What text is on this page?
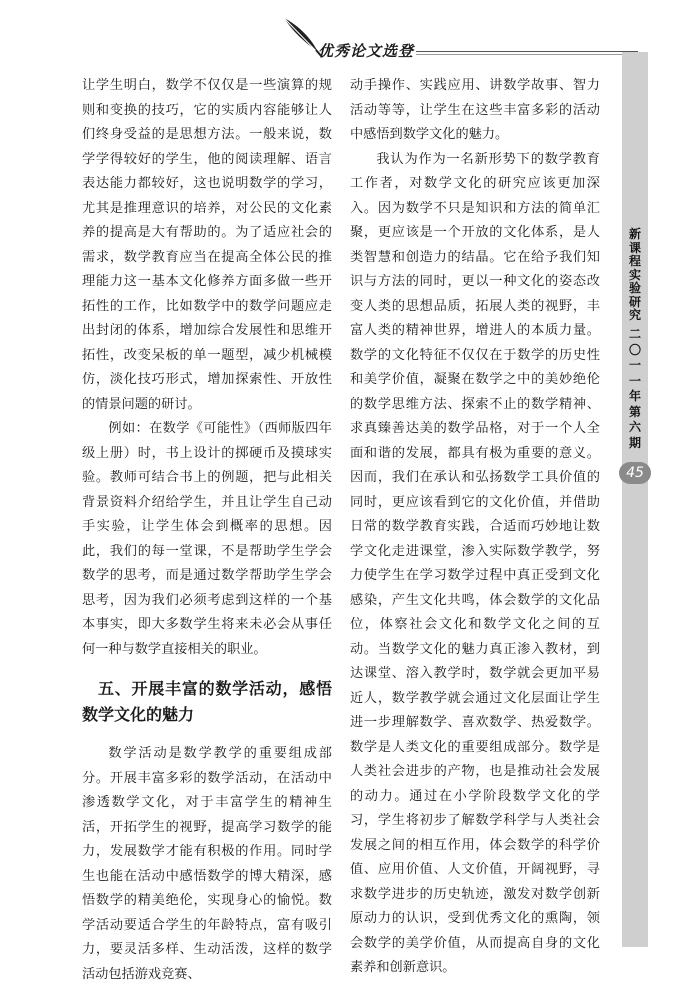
优秀论文选登

让学生明白，数学不仅仅是一些演算的规则和变换的技巧，它的实质内容能够让人们终身受益的是思想方法。一般来说，数学学得较好的学生，他的阅读理解、语言表达能力都较好，这也说明数学的学习，尤其是推理意识的培养，对公民的文化素养的提高是大有帮助的。为了适应社会的需求，数学教育应当在提高全体公民的推理能力这一基本文化修养方面多做一些开拓性的工作，比如数学中的数学问题应走出封闭的体系，增加综合发展性和思维开拓性，改变呆板的单一题型，减少机械模仿，淡化技巧形式，增加探索性、开放性的情景问题的研讨。

例如：在数学《可能性》（西师版四年级上册）时，书上设计的掷硬币及摸球实验。教师可结合书上的例题，把与此相关背景资料介绍给学生，并且让学生自己动手实验，让学生体会到概率的思想。因此，我们的每一堂课，不是帮助学生学会数学的思考，而是通过数学帮助学生学会思考，因为我们必须考虑到这样的一个基本事实，即大多数学生将来未必会从事任何一种与数学直接相关的职业。

五、开展丰富的数学活动，感悟数学文化的魅力

数学活动是数学教学的重要组成部分。开展丰富多彩的数学活动，在活动中渗透数学文化，对于丰富学生的精神生活，开拓学生的视野，提高学习数学的能力，发展数学才能有积极的作用。同时学生也能在活动中感悟数学的博大精深，感悟数学的精美绝伦，实现身心的愉悦。数学活动要适合学生的年龄特点，富有吸引力，要灵活多样、生动活泼，这样的数学活动包括游戏竞赛、

动手操作、实践应用、讲数学故事、智力活动等等，让学生在这些丰富多彩的活动中感悟到数学文化的魅力。

我认为作为一名新形势下的数学教育工作者，对数学文化的研究应该更加深入。因为数学不只是知识和方法的简单汇聚，更应该是一个开放的文化体系，是人类智慧和创造力的结晶。它在给予我们知识与方法的同时，更以一种文化的姿态改变人类的思想品质，拓展人类的视野，丰富人类的精神世界，增进人的本质力量。数学的文化特征不仅仅在于数学的历史性和美学价值，凝聚在数学之中的美妙绝伦的数学思维方法、探索不止的数学精神、求真臻善达美的数学品格，对于一个人全面和谐的发展，都具有极为重要的意义。因而，我们在承认和弘扬数学工具价值的同时，更应该看到它的文化价值，并借助日常的数学教育实践，合适而巧妙地让数学文化走进课堂，渗入实际数学教学，努力使学生在学习数学过程中真正受到文化感染，产生文化共鸣，体会数学的文化品位，体察社会文化和数学文化之间的互动。当数学文化的魅力真正渗入教材，到达课堂、溶入教学时，数学就会更加平易近人，数学教学就会通过文化层面让学生进一步理解数学、喜欢数学、热爱数学。数学是人类文化的重要组成部分。数学是人类社会进步的产物，也是推动社会发展的动力。通过在小学阶段数学文化的学习，学生将初步了解数学科学与人类社会发展之间的相互作用，体会数学的科学价值、应用价值、人文价值，开阔视野，寻求数学进步的历史轨迹，激发对数学创新原动力的认识，受到优秀文化的熏陶，领会数学的美学价值，从而提高自身的文化素养和创新意识。

新课程实验研究
二〇一一年第六期
45
